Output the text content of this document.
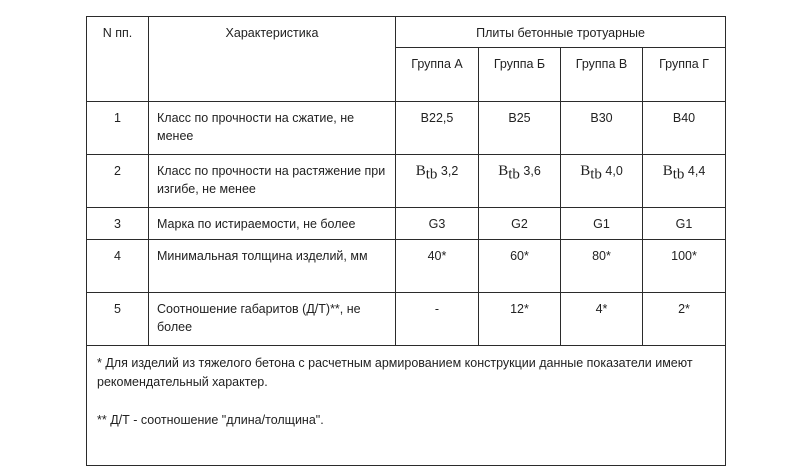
N пп.	Характеристика	Плиты бетонные тротуарные			
		Группа А	Группа Б	Группа В	Группа Г
1	Класс по прочности на сжатие, не менее	B22,5	B25	B30	B40
2	Класс по прочности на растяжение при изгибе, не менее	$B_{tb}$ 3,2	$B_{tb}$ 3,6	$B_{tb}$ 4,0	$B_{tb}$ 4,4
3	Марка по истираемости, не более	G3	G2	G1	G1
4	Минимальная толщина изделий, мм	40*	60*	80*	100*
5	Соотношение габаритов (Д/Т)**, не более	-	12*	4*	2*

* Для изделий из тяжелого бетона с расчетным армированием конструкции данные показатели имеют рекомендательный характер.

** Д/Т - соотношение "длина/толщина".					
